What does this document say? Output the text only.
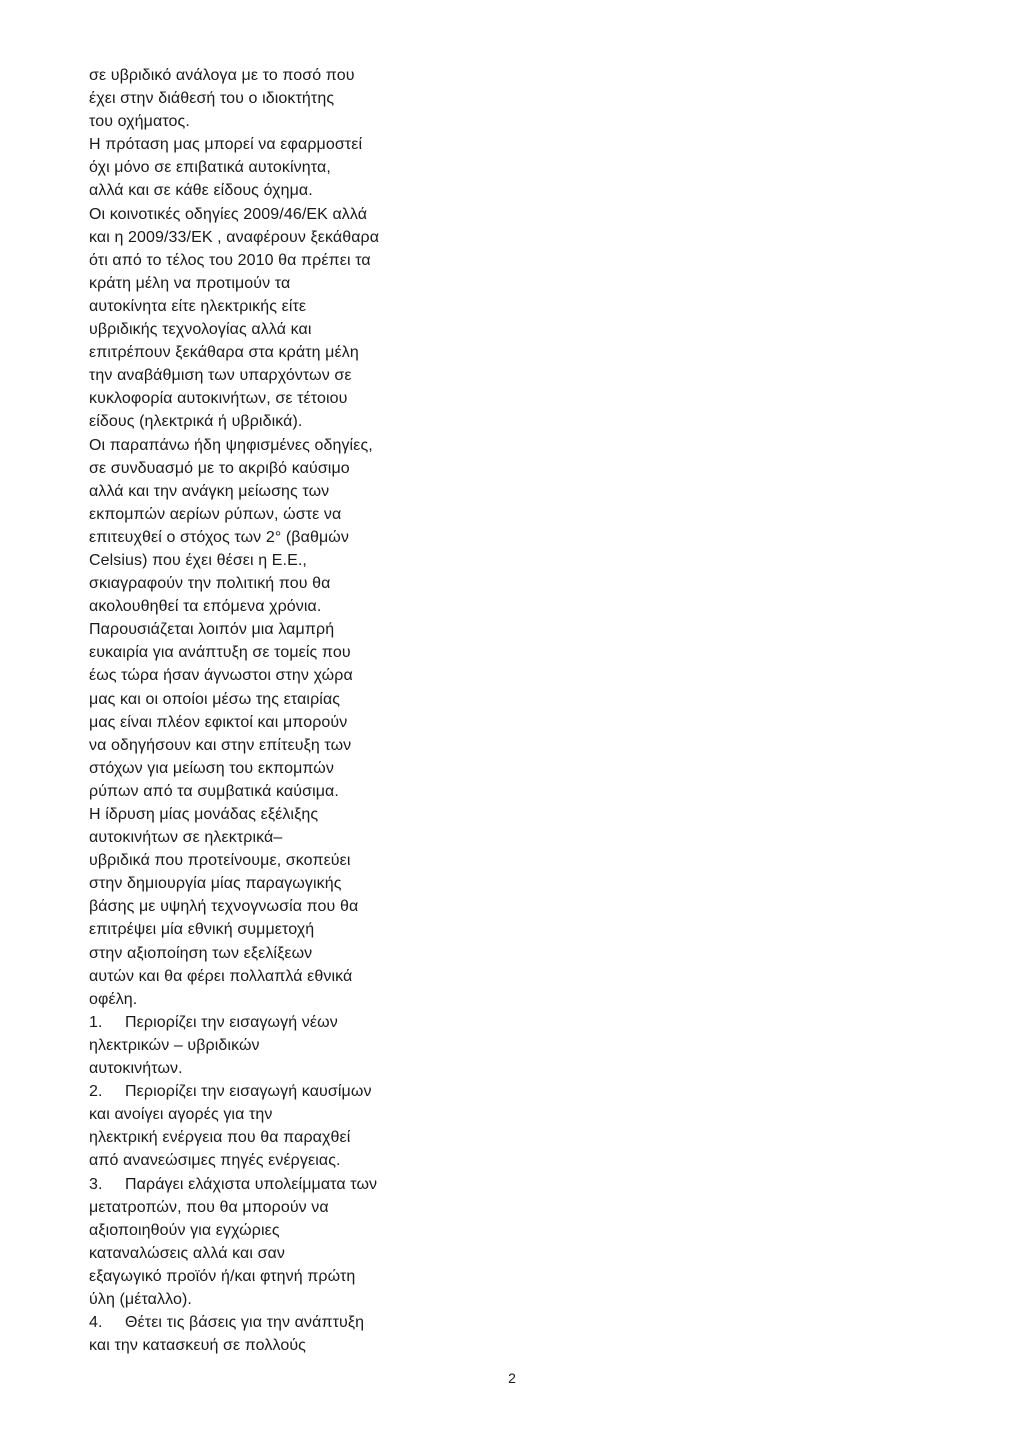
σε υβριδικό ανάλογα με το ποσό που
έχει στην διάθεσή του ο ιδιοκτήτης
του οχήματος.
Η πρόταση μας μπορεί να εφαρμοστεί
όχι μόνο σε επιβατικά αυτοκίνητα,
αλλά και σε κάθε είδους όχημα.
Οι κοινοτικές οδηγίες 2009/46/ΕΚ αλλά
και η 2009/33/ΕΚ , αναφέρουν ξεκάθαρα
ότι από το τέλος του 2010 θα πρέπει τα
κράτη μέλη να προτιμούν τα
αυτοκίνητα είτε ηλεκτρικής είτε
υβριδικής τεχνολογίας αλλά και
επιτρέπουν ξεκάθαρα στα κράτη μέλη
την αναβάθμιση των υπαρχόντων σε
κυκλοφορία αυτοκινήτων, σε τέτοιου
είδους (ηλεκτρικά ή υβριδικά).
Οι παραπάνω ήδη ψηφισμένες οδηγίες,
σε συνδυασμό με το ακριβό καύσιμο
αλλά και την ανάγκη μείωσης των
εκπομπών αερίων ρύπων, ώστε να
επιτευχθεί ο στόχος των 2° (βαθμών
Celsius) που έχει θέσει η Ε.Ε.,
σκιαγραφούν την πολιτική που θα
ακολουθηθεί τα επόμενα χρόνια.
Παρουσιάζεται λοιπόν μια λαμπρή
ευκαιρία για ανάπτυξη σε τομείς που
έως τώρα ήσαν άγνωστοι στην χώρα
μας και οι οποίοι μέσω της εταιρίας
μας είναι πλέον εφικτοί και μπορούν
να οδηγήσουν και στην επίτευξη των
στόχων για μείωση του εκπομπών
ρύπων από τα συμβατικά καύσιμα.
Η ίδρυση μίας μονάδας εξέλιξης
αυτοκινήτων σε ηλεκτρικά–
υβριδικά που προτείνουμε, σκοπεύει
στην δημιουργία μίας παραγωγικής
βάσης με υψηλή τεχνογνωσία που θα
επιτρέψει μία εθνική συμμετοχή
στην αξιοποίηση των εξελίξεων
αυτών και θα φέρει πολλαπλά εθνικά
οφέλη.
1.	Περιορίζει την εισαγωγή νέων
ηλεκτρικών – υβριδικών
αυτοκινήτων.
2.	Περιορίζει την εισαγωγή καυσίμων
και ανοίγει αγορές για την
ηλεκτρική ενέργεια που θα παραχθεί
από ανανεώσιμες πηγές ενέργειας.
3.	Παράγει ελάχιστα υπολείμματα των
μετατροπών, που θα μπορούν να
αξιοποιηθούν για εγχώριες
καταναλώσεις αλλά και σαν
εξαγωγικό προϊόν ή/και φτηνή πρώτη
ύλη (μέταλλο).
4.	Θέτει τις βάσεις για την ανάπτυξη
και την κατασκευή σε πολλούς
2
